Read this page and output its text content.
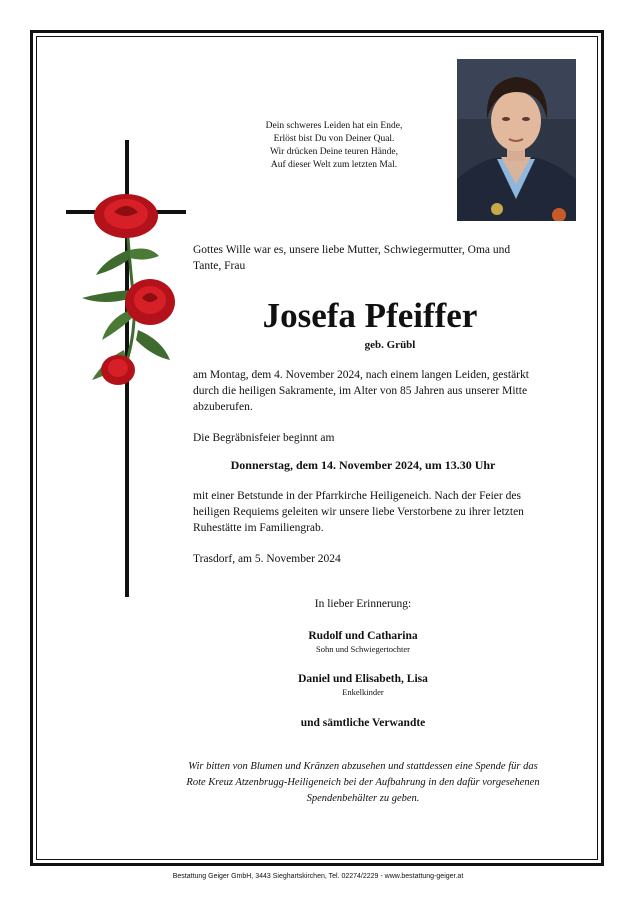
Dein schweres Leiden hat ein Ende,
Erlöst bist Du von Deiner Qual.
Wir drücken Deine teuren Hände,
Auf dieser Welt zum letzten Mal.
Gottes Wille war es, unsere liebe Mutter, Schwiegermutter, Oma und Tante, Frau
Josefa Pfeiffer
geb. Grübl
am Montag, dem 4. November 2024, nach einem langen Leiden, gestärkt durch die heiligen Sakramente, im Alter von 85 Jahren aus unserer Mitte abzuberufen.
Die Begräbnisfeier beginnt am
Donnerstag, dem 14. November 2024, um 13.30 Uhr
mit einer Betstunde in der Pfarrkirche Heiligeneich. Nach der Feier des heiligen Requiems geleiten wir unsere liebe Verstorbene zu ihrer letzten Ruhestätte im Familiengrab.
Trasdorf, am 5. November 2024
In lieber Erinnerung:
Rudolf und Catharina
Sohn und Schwiegertochter
Daniel und Elisabeth, Lisa
Enkelkinder
und sämtliche Verwandte
Wir bitten von Blumen und Kränzen abzusehen und stattdessen eine Spende für das Rote Kreuz Atzenbrugg-Heiligeneich bei der Aufbahrung in den dafür vorgesehenen Spendenbehälter zu geben.
Bestattung Geiger GmbH, 3443 Sieghartskirchen, Tel. 02274/2229 - www.bestattung-geiger.at
